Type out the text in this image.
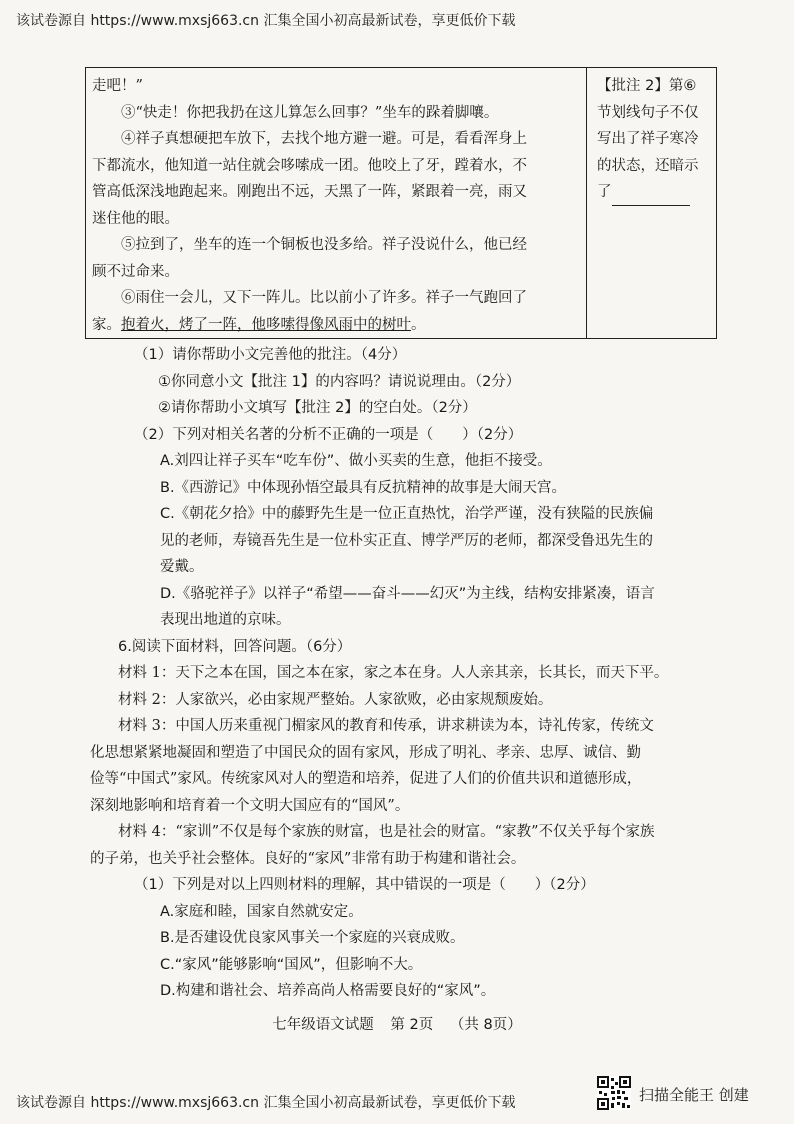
该试卷源自 https://www.mxsj663.cn 汇集全国小初高最新试卷，享更低价下载

走吧！”

③“快走！你把我扔在这儿算怎么回事？”坐车的跺着脚嚷。

④祥子真想硬把车放下，去找个地方避一避。可是，看看浑身上

下都流水，他知道一站住就会哆嗦成一团。他咬上了牙，蹚着水，不

管高低深浅地跑起来。刚跑出不远，天黑了一阵，紧跟着一亮，雨又

迷住他的眼。

⑤拉到了，坐车的连一个铜板也没多给。祥子没说什么，他已经

顾不过命来。

⑥雨住一会儿，又下一阵儿。比以前小了许多。祥子一气跑回了

家。抱着火，烤了一阵，他哆嗦得像风雨中的树叶。

【批注 2】第⑥
节划线句子不仅
写出了祥子寒冷
的状态，还暗示
了

（1）请你帮助小文完善他的批注。（4分）

①你同意小文【批注 1】的内容吗？请说说理由。（2分）

②请你帮助小文填写【批注 2】的空白处。（2分）

（2）下列对相关名著的分析不正确的一项是（　　）（2分）

A.刘四让祥子买车“吃车份”、做小买卖的生意，他拒不接受。

B.《西游记》中体现孙悟空最具有反抗精神的故事是大闹天宫。

C.《朝花夕拾》中的藤野先生是一位正直热忱，治学严谨，没有狭隘的民族偏

见的老师，寿镜吾先生是一位朴实正直、博学严厉的老师，都深受鲁迅先生的

爱戴。

D.《骆驼祥子》以祥子“希望——奋斗——幻灭”为主线，结构安排紧凑，语言

表现出地道的京味。

6.阅读下面材料，回答问题。（6分）

材料 1：天下之本在国，国之本在家，家之本在身。人人亲其亲，长其长，而天下平。

材料 2：人家欲兴，必由家规严整始。人家欲败，必由家规颓废始。

材料 3：中国人历来重视门楣家风的教育和传承，讲求耕读为本，诗礼传家，传统文

化思想紧紧地凝固和塑造了中国民众的固有家风，形成了明礼、孝亲、忠厚、诚信、勤

俭等“中国式”家风。传统家风对人的塑造和培养，促进了人们的价值共识和道德形成，

深刻地影响和培育着一个文明大国应有的“国风”。

材料 4：“家训”不仅是每个家族的财富，也是社会的财富。“家教”不仅关乎每个家族

的子弟，也关乎社会整体。良好的“家风”非常有助于构建和谐社会。

（1）下列是对以上四则材料的理解，其中错误的一项是（　　）（2分）

A.家庭和睦，国家自然就安定。

B.是否建设优良家风事关一个家庭的兴衰成败。

C.“家风”能够影响“国风”，但影响不大。

D.构建和谐社会、培养高尚人格需要良好的“家风”。

七年级语文试题 第 2页 （共 8页）
该试卷源自 https://www.mxsj663.cn 汇集全国小初高最新试卷，享更低价下载	扫描全能王 创建
